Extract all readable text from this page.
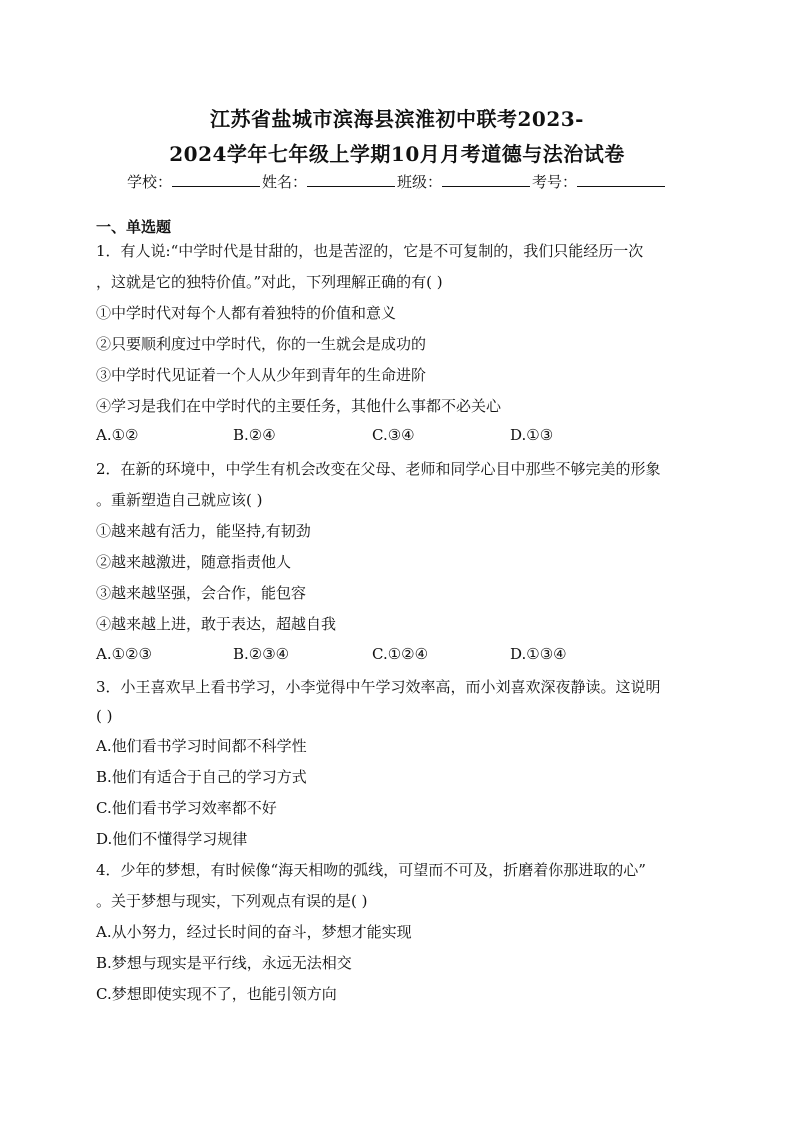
江苏省盐城市滨海县滨淮初中联考2023-
2024学年七年级上学期10月月考道德与法治试卷
学校：	姓名：	班级：	考号：
一、单选题
1．有人说:“中学时代是甘甜的，也是苦涩的，它是不可复制的，我们只能经历一次
，这就是它的独特价值。”对此，下列理解正确的有( )
①中学时代对每个人都有着独特的价值和意义
②只要顺利度过中学时代，你的一生就会是成功的
③中学时代见证着一个人从少年到青年的生命进阶
④学习是我们在中学时代的主要任务，其他什么事都不必关心
A.①②	B.②④	C.③④	D.①③
2．在新的环境中，中学生有机会改变在父母、老师和同学心目中那些不够完美的形象
。重新塑造自己就应该( )
①越来越有活力，能坚持,有韧劲
②越来越激进，随意指责他人
③越来越坚强，会合作，能包容
④越来越上进，敢于表达，超越自我
A.①②③	B.②③④	C.①②④	D.①③④
3．小王喜欢早上看书学习，小李觉得中午学习效率高，而小刘喜欢深夜静读。这说明
( )
A.他们看书学习时间都不科学性
B.他们有适合于自己的学习方式
C.他们看书学习效率都不好
D.他们不懂得学习规律
4．少年的梦想，有时候像“海天相吻的弧线，可望而不可及，折磨着你那进取的心”
。关于梦想与现实，下列观点有误的是( )
A.从小努力，经过长时间的奋斗，梦想才能实现
B.梦想与现实是平行线，永远无法相交
C.梦想即使实现不了，也能引领方向
